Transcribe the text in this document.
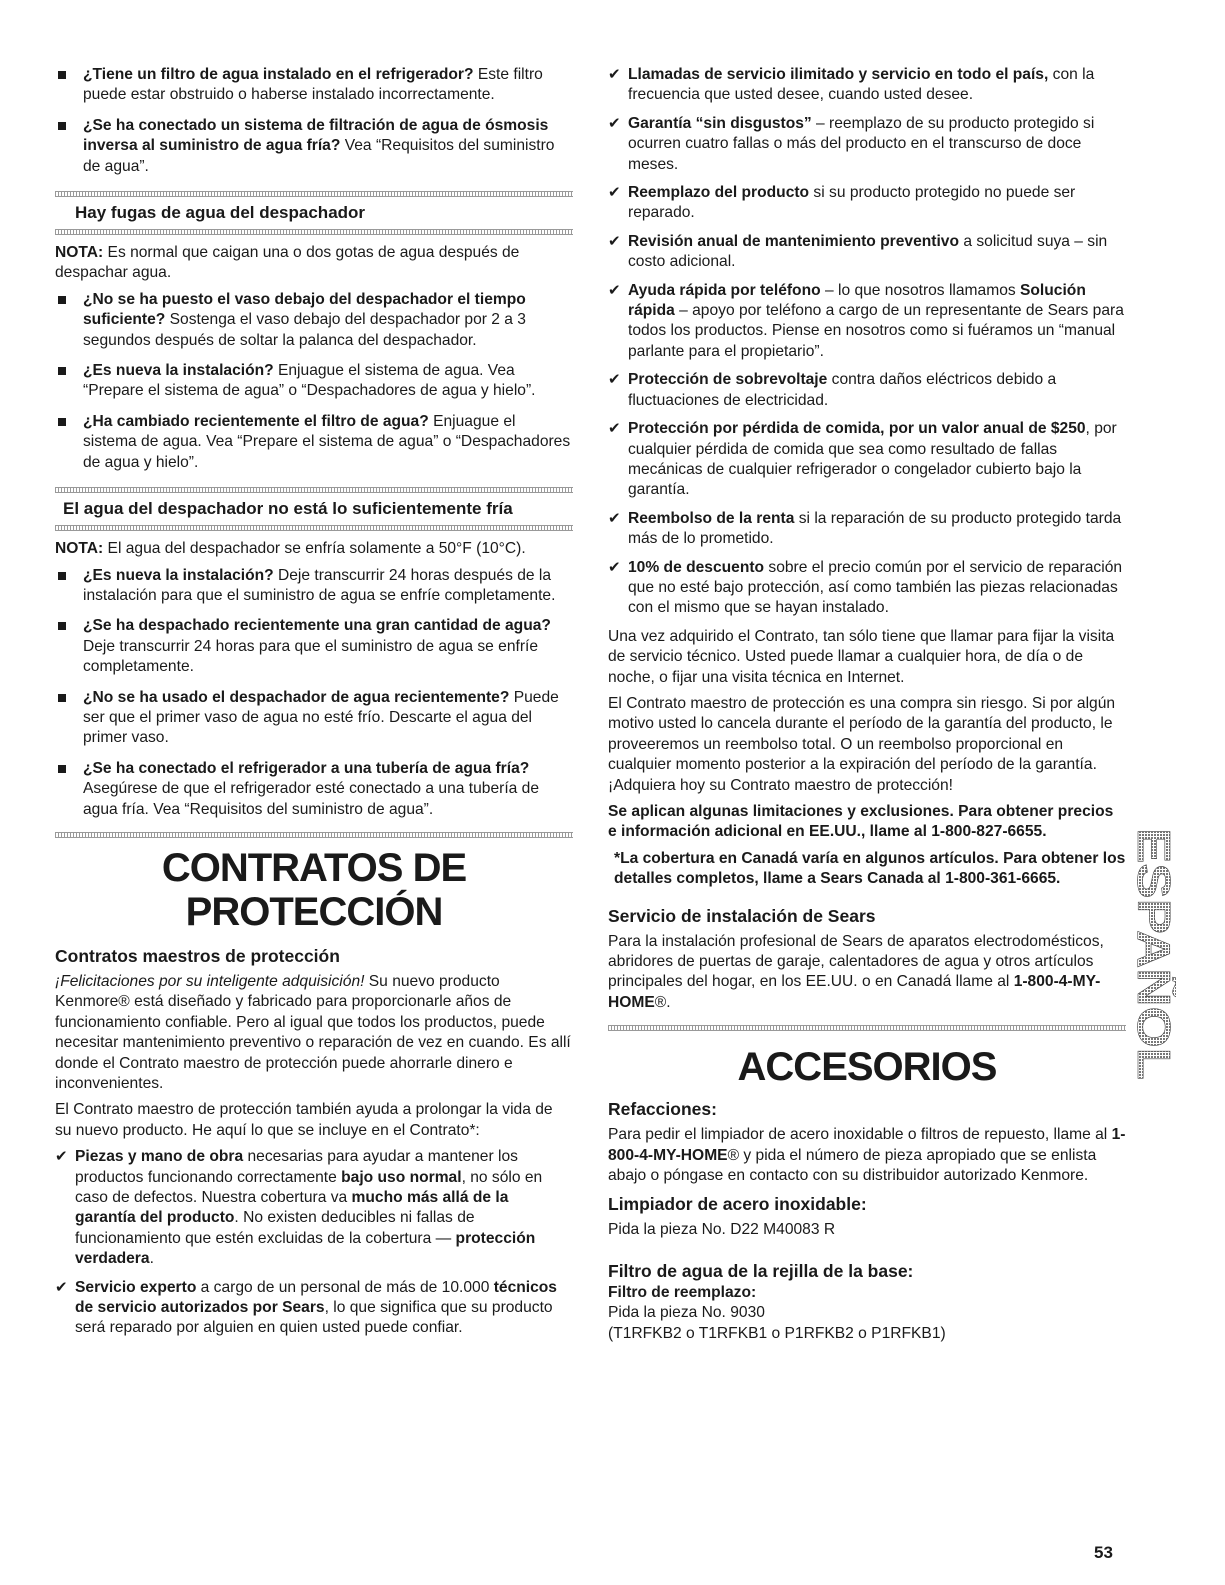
¿Tiene un filtro de agua instalado en el refrigerador? Este filtro puede estar obstruido o haberse instalado incorrectamente.

¿Se ha conectado un sistema de filtración de agua de ósmosis inversa al suministro de agua fría? Vea “Requisitos del suministro de agua”.

Hay fugas de agua del despachador

NOTA: Es normal que caigan una o dos gotas de agua después de despachar agua.

¿No se ha puesto el vaso debajo del despachador el tiempo suficiente? Sostenga el vaso debajo del despachador por 2 a 3 segundos después de soltar la palanca del despachador.

¿Es nueva la instalación? Enjuague el sistema de agua. Vea “Prepare el sistema de agua” o “Despachadores de agua y hielo”.

¿Ha cambiado recientemente el filtro de agua? Enjuague el sistema de agua. Vea “Prepare el sistema de agua” o “Despachadores de agua y hielo”.

El agua del despachador no está lo suficientemente fría

NOTA: El agua del despachador se enfría solamente a 50°F (10°C).

¿Es nueva la instalación? Deje transcurrir 24 horas después de la instalación para que el suministro de agua se enfríe completamente.

¿Se ha despachado recientemente una gran cantidad de agua? Deje transcurrir 24 horas para que el suministro de agua se enfríe completamente.

¿No se ha usado el despachador de agua recientemente? Puede ser que el primer vaso de agua no esté frío. Descarte el agua del primer vaso.

¿Se ha conectado el refrigerador a una tubería de agua fría? Asegúrese de que el refrigerador esté conectado a una tubería de agua fría. Vea “Requisitos del suministro de agua”.

CONTRATOS DE
PROTECCIÓN
Contratos maestros de protección

¡Felicitaciones por su inteligente adquisición! Su nuevo producto Kenmore® está diseñado y fabricado para proporcionarle años de funcionamiento confiable. Pero al igual que todos los productos, puede necesitar mantenimiento preventivo o reparación de vez en cuando. Es allí donde el Contrato maestro de protección puede ahorrarle dinero e inconvenientes.

El Contrato maestro de protección también ayuda a prolongar la vida de su nuevo producto. He aquí lo que se incluye en el Contrato*:

✔ Piezas y mano de obra necesarias para ayudar a mantener los productos funcionando correctamente bajo uso normal, no sólo en caso de defectos. Nuestra cobertura va mucho más allá de la garantía del producto. No existen deducibles ni fallas de funcionamiento que estén excluidas de la cobertura — protección verdadera.

✔ Servicio experto a cargo de un personal de más de 10.000 técnicos de servicio autorizados por Sears, lo que significa que su producto será reparado por alguien en quien usted puede confiar.

✔ Llamadas de servicio ilimitado y servicio en todo el país, con la frecuencia que usted desee, cuando usted desee.

✔ Garantía “sin disgustos” – reemplazo de su producto protegido si ocurren cuatro fallas o más del producto en el transcurso de doce meses.

✔ Reemplazo del producto si su producto protegido no puede ser reparado.

✔ Revisión anual de mantenimiento preventivo a solicitud suya – sin costo adicional.

✔ Ayuda rápida por teléfono – lo que nosotros llamamos Solución rápida – apoyo por teléfono a cargo de un representante de Sears para todos los productos. Piense en nosotros como si fuéramos un “manual parlante para el propietario”.

✔ Protección de sobrevoltaje contra daños eléctricos debido a fluctuaciones de electricidad.

✔ Protección por pérdida de comida, por un valor anual de $250, por cualquier pérdida de comida que sea como resultado de fallas mecánicas de cualquier refrigerador o congelador cubierto bajo la garantía.

✔ Reembolso de la renta si la reparación de su producto protegido tarda más de lo prometido.

✔ 10% de descuento sobre el precio común por el servicio de reparación que no esté bajo protección, así como también las piezas relacionadas con el mismo que se hayan instalado.

Una vez adquirido el Contrato, tan sólo tiene que llamar para fijar la visita de servicio técnico. Usted puede llamar a cualquier hora, de día o de noche, o fijar una visita técnica en Internet.

El Contrato maestro de protección es una compra sin riesgo. Si por algún motivo usted lo cancela durante el período de la garantía del producto, le proveeremos un reembolso total. O un reembolso proporcional en cualquier momento posterior a la expiración del período de la garantía. ¡Adquiera hoy su Contrato maestro de protección!

Se aplican algunas limitaciones y exclusiones. Para obtener precios e información adicional en EE.UU., llame al 1-800-827-6655.

*La cobertura en Canadá varía en algunos artículos. Para obtener los detalles completos, llame a Sears Canada al 1-800-361-6665.

Servicio de instalación de Sears

Para la instalación profesional de Sears de aparatos electrodomésticos, abridores de puertas de garaje, calentadores de agua y otros artículos principales del hogar, en los EE.UU. o en Canadá llame al 1-800-4-MY-HOME®.

ACCESORIOS
Refacciones:

Para pedir el limpiador de acero inoxidable o filtros de repuesto, llame al 1-800-4-MY-HOME® y pida el número de pieza apropiado que se enlista abajo o póngase en contacto con su distribuidor autorizado Kenmore.

Limpiador de acero inoxidable:

Pida la pieza No. D22 M40083 R

Filtro de agua de la rejilla de la base:

Filtro de reemplazo:

Pida la pieza No. 9030

(T1RFKB2 o T1RFKB1 o P1RFKB2 o P1RFKB1)

ESPAÑOL
53
